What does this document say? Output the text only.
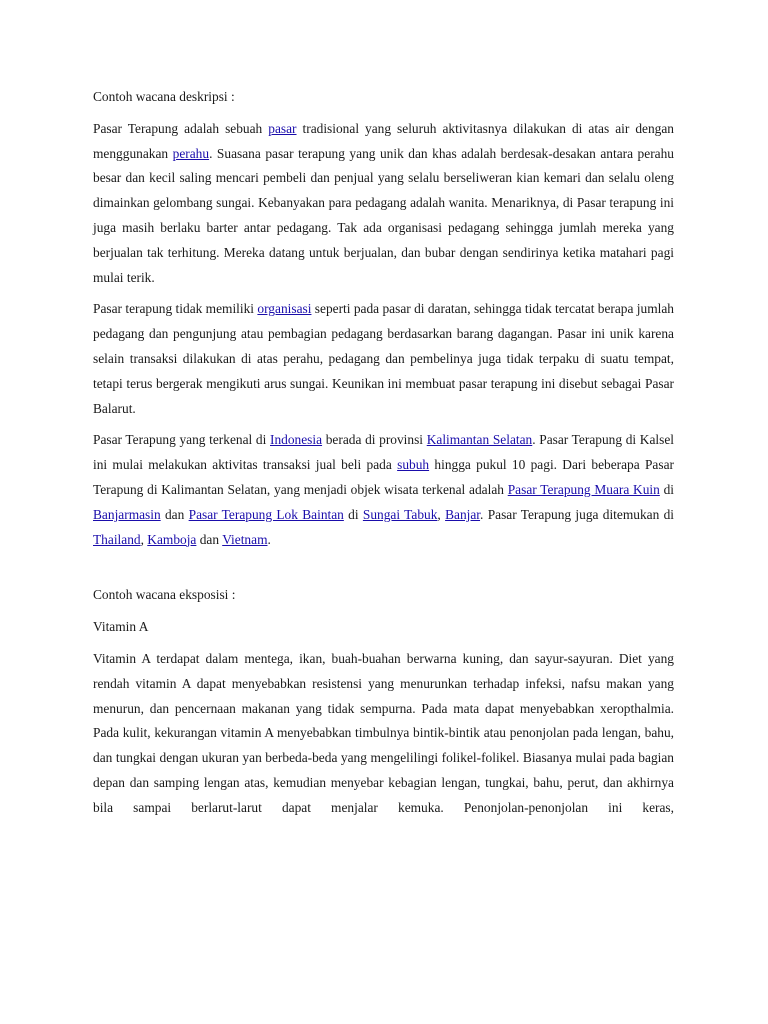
Contoh wacana deskripsi :

Pasar Terapung adalah sebuah pasar tradisional yang seluruh aktivitasnya dilakukan di atas air dengan menggunakan perahu. Suasana pasar terapung yang unik dan khas adalah berdesak-desakan antara perahu besar dan kecil saling mencari pembeli dan penjual yang selalu berseliweran kian kemari dan selalu oleng dimainkan gelombang sungai. Kebanyakan para pedagang adalah wanita. Menariknya, di Pasar terapung ini juga masih berlaku barter antar pedagang. Tak ada organisasi pedagang sehingga jumlah mereka yang berjualan tak terhitung. Mereka datang untuk berjualan, dan bubar dengan sendirinya ketika matahari pagi mulai terik.

Pasar terapung tidak memiliki organisasi seperti pada pasar di daratan, sehingga tidak tercatat berapa jumlah pedagang dan pengunjung atau pembagian pedagang berdasarkan barang dagangan. Pasar ini unik karena selain transaksi dilakukan di atas perahu, pedagang dan pembelinya juga tidak terpaku di suatu tempat, tetapi terus bergerak mengikuti arus sungai. Keunikan ini membuat pasar terapung ini disebut sebagai Pasar Balarut.

Pasar Terapung yang terkenal di Indonesia berada di provinsi Kalimantan Selatan. Pasar Terapung di Kalsel ini mulai melakukan aktivitas transaksi jual beli pada subuh hingga pukul 10 pagi. Dari beberapa Pasar Terapung di Kalimantan Selatan, yang menjadi objek wisata terkenal adalah Pasar Terapung Muara Kuin di Banjarmasin dan Pasar Terapung Lok Baintan di Sungai Tabuk, Banjar. Pasar Terapung juga ditemukan di Thailand, Kamboja dan Vietnam.

Contoh wacana eksposisi :

Vitamin A

Vitamin A terdapat dalam mentega, ikan, buah-buahan berwarna kuning, dan sayur-sayuran. Diet yang rendah vitamin A dapat menyebabkan resistensi yang menurunkan terhadap infeksi, nafsu makan yang menurun, dan pencernaan makanan yang tidak sempurna. Pada mata dapat menyebabkan xeropthalmia. Pada kulit, kekurangan vitamin A menyebabkan timbulnya bintik-bintik atau penonjolan pada lengan, bahu, dan tungkai dengan ukuran yan berbeda-beda yang mengelilingi folikel-folikel. Biasanya mulai pada bagian depan dan samping lengan atas, kemudian menyebar kebagian lengan, tungkai, bahu, perut, dan akhirnya bila sampai berlarut-larut dapat menjalar kemuka. Penonjolan-penonjolan ini keras,
